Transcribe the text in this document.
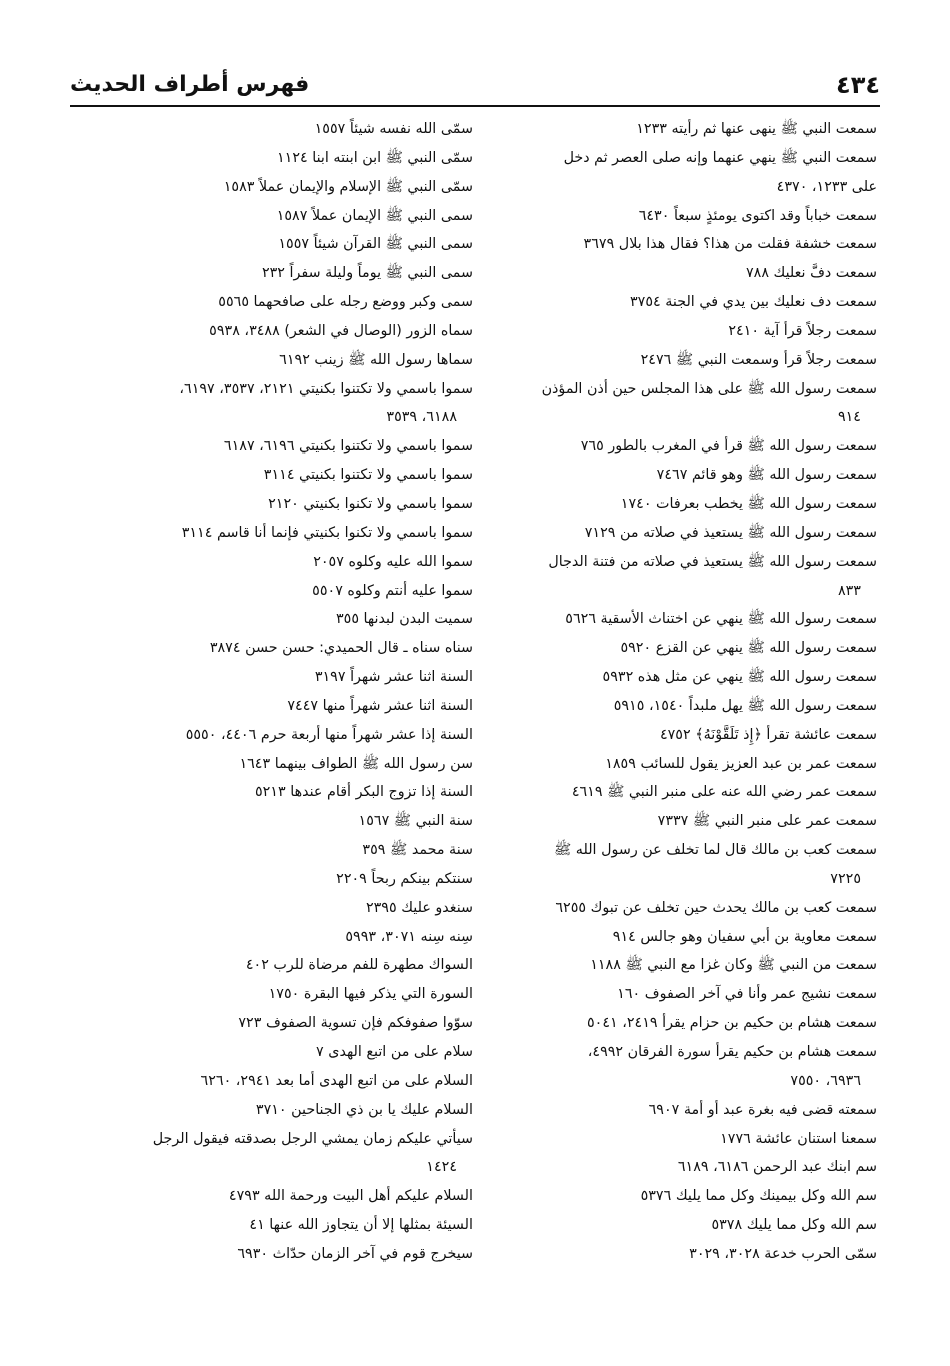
٤٣٤
فهرس أطراف الحديث
سمعت النبي ﷺ ينهى عنها ثم رأيته ١٢٣٣
سمعت النبي ﷺ ينهي عنهما وإنه صلى العصر ثم دخل
على ١٢٣٣، ٤٣٧٠
سمعت خباباً وقد اكتوى يومئذٍ سبعاً ٦٤٣٠
سمعت خشفة فقلت من هذا؟ فقال هذا بلال ٣٦٧٩
سمعت دفَّ نعليك ٧٨٨
سمعت دف نعليك بين يدي في الجنة ٣٧٥٤
سمعت رجلاً قرأ آية ٢٤١٠
سمعت رجلاً قرأ وسمعت النبي ﷺ ٢٤٧٦
سمعت رسول الله ﷺ على هذا المجلس حين أذن المؤذن
٩١٤
سمعت رسول الله ﷺ قرأ في المغرب بالطور ٧٦٥
سمعت رسول الله ﷺ وهو قائم ٧٤٦٧
سمعت رسول الله ﷺ يخطب بعرفات ١٧٤٠
سمعت رسول الله ﷺ يستعيذ في صلاته من ٧١٢٩
سمعت رسول الله ﷺ يستعيذ في صلاته من فتنة الدجال
٨٣٣
سمعت رسول الله ﷺ ينهي عن اختناث الأسقية ٥٦٢٦
سمعت رسول الله ﷺ ينهي عن القزع ٥٩٢٠
سمعت رسول الله ﷺ ينهي عن مثل هذه ٥٩٣٢
سمعت رسول الله ﷺ يهل ملبداً ١٥٤٠، ٥٩١٥
سمعت عائشة تقرأ ﴿إِذ تَلَقَّوْنَهُ﴾ ٤٧٥٢
سمعت عمر بن عبد العزيز يقول للسائب ١٨٥٩
سمعت عمر رضي الله عنه على منبر النبي ﷺ ٤٦١٩
سمعت عمر على منبر النبي ﷺ ٧٣٣٧
سمعت كعب بن مالك قال لما تخلف عن رسول الله ﷺ
٧٢٢٥
سمعت كعب بن مالك يحدث حين تخلف عن تبوك ٦٢٥٥
سمعت معاوية بن أبي سفيان وهو جالس ٩١٤
سمعت من النبي ﷺ وكان غزا مع النبي ﷺ ١١٨٨
سمعت نشيج عمر وأنا في آخر الصفوف ١٦٠
سمعت هشام بن حكيم بن حزام يقرأ ٢٤١٩، ٥٠٤١
سمعت هشام بن حكيم يقرأ سورة الفرقان ٤٩٩٢،
٦٩٣٦، ٧٥٥٠
سمعته قضى فيه بغرة عبد أو أمة ٦٩٠٧
سمعنا استنان عائشة ١٧٧٦
سم ابنك عبد الرحمن ٦١٨٦، ٦١٨٩
سم الله وكل بيمينك وكل مما يليك ٥٣٧٦
سم الله وكل مما يليك ٥٣٧٨
سمّى الحرب خدعة ٣٠٢٨، ٣٠٢٩
سمّى الله نفسه شيئاً ١٥٥٧
سمّى النبي ﷺ ابن ابنته ابنا ١١٢٤
سمّى النبي ﷺ الإسلام والإيمان عملاً ١٥٨٣
سمى النبي ﷺ الإيمان عملاً ١٥٨٧
سمى النبي ﷺ القرآن شيئاً ١٥٥٧
سمى النبي ﷺ يوماً وليلة سفراً ٢٣٢
سمى وكبر ووضع رجله على صافحهما ٥٥٦٥
سماه الزور (الوصال في الشعر) ٣٤٨٨، ٥٩٣٨
سماها رسول الله ﷺ زينب ٦١٩٢
سموا باسمي ولا تكتنوا بكنيتي ٢١٢١، ٣٥٣٧، ٦١٩٧،
٦١٨٨، ٣٥٣٩
سموا باسمي ولا تكتنوا بكنيتي ٦١٩٦، ٦١٨٧
سموا باسمي ولا تكتنوا بكنيتي ٣١١٤
سموا باسمي ولا تكنوا بكنيتي ٢١٢٠
سموا باسمي ولا تكنوا بكنيتي فإنما أنا قاسم ٣١١٤
سموا الله عليه وكلوه ٢٠٥٧
سموا عليه أنتم وكلوه ٥٥٠٧
سميت البدن لبدنها ٣٥٥
سناه سناه ـ قال الحميدي: حسن حسن ٣٨٧٤
السنة اثنا عشر شهراً ٣١٩٧
السنة اثنا عشر شهراً منها ٧٤٤٧
السنة إذا عشر شهراً منها أربعة حرم ٤٤٠٦، ٥٥٥٠
سن رسول الله ﷺ الطواف بينهما ١٦٤٣
السنة إذا تزوج البكر أقام عندها ٥٢١٣
سنة النبي ﷺ ١٥٦٧
سنة محمد ﷺ ٣٥٩
سنتكم بينكم ربحاً ٢٢٠٩
سنغدو عليك ٢٣٩٥
سِنه سِنه ٣٠٧١، ٥٩٩٣
السواك مطهرة للفم مرضاة للرب ٤٠٢
السورة التي يذكر فيها البقرة ١٧٥٠
سوّوا صفوفكم فإن تسوية الصفوف ٧٢٣
سلام على من اتبع الهدى ٧
السلام على من اتبع الهدى أما بعد ٢٩٤١، ٦٢٦٠
السلام عليك يا بن ذي الجناحين ٣٧١٠
سيأتي عليكم زمان يمشي الرجل بصدقته فيقول الرجل
١٤٢٤
السلام عليكم أهل البيت ورحمة الله ٤٧٩٣
السيئة بمثلها إلا أن يتجاوز الله عنها ٤١
سيخرج قوم في آخر الزمان حدّاث ٦٩٣٠
